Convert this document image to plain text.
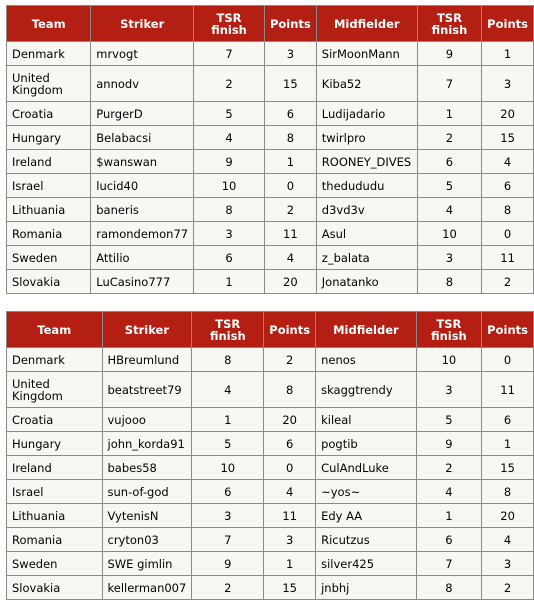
Team	Striker	TSR finish	Points	Midfielder	TSR finish	Points
Denmark	mrvogt	7	3	SirMoonMann	9	1
United Kingdom	annodv	2	15	Kiba52	7	3
Croatia	PurgerD	5	6	Ludijadario	1	20
Hungary	Belabacsi	4	8	twirlpro	2	15
Ireland	$wanswan	9	1	ROONEY_DIVES	6	4
Israel	lucid40	10	0	thedududu	5	6
Lithuania	baneris	8	2	d3vd3v	4	8
Romania	ramondemon77	3	11	Asul	10	0
Sweden	Attilio	6	4	z_balata	3	11
Slovakia	LuCasino777	1	20	Jonatanko	8	2
Team	Striker	TSR finish	Points	Midfielder	TSR finish	Points
Denmark	HBreumlund	8	2	nenos	10	0
United Kingdom	beatstreet79	4	8	skaggtrendy	3	11
Croatia	vujooo	1	20	kileal	5	6
Hungary	john_korda91	5	6	pogtib	9	1
Ireland	babes58	10	0	CulAndLuke	2	15
Israel	sun-of-god	6	4	~yos~	4	8
Lithuania	VytenisN	3	11	Edy AA	1	20
Romania	cryton03	7	3	Ricutzus	6	4
Sweden	SWE gimlin	9	1	silver425	7	3
Slovakia	kellerman007	2	15	jnbhj	8	2
